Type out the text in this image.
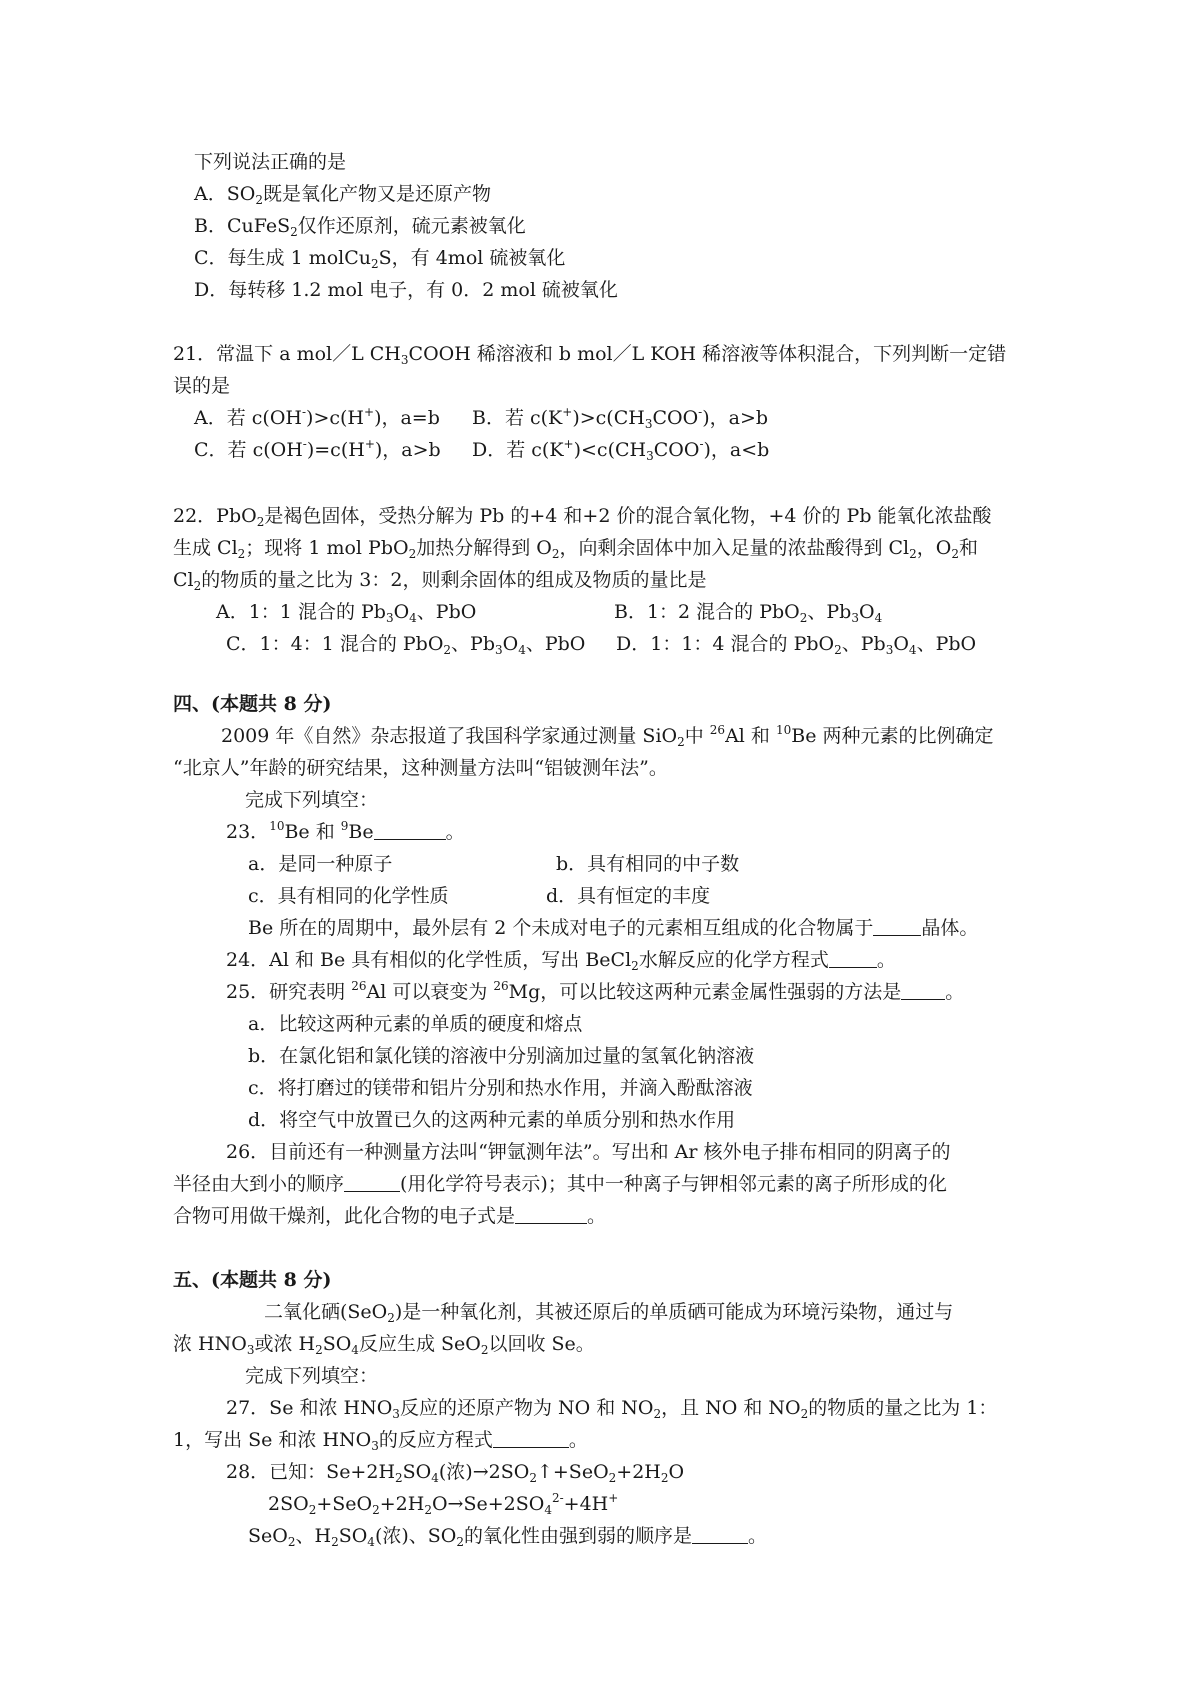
下列说法正确的是
A．$SO_2$既是氧化产物又是还原产物
B．CuFeS$_2$仅作还原剂，硫元素被氧化
C．每生成 1 molCu$_2$S，有 4mol 硫被氧化
D．每转移 1.2 mol 电子，有 0．2 mol 硫被氧化
21．常温下 a mol／L $CH_3COOH$ 稀溶液和 b mol／L KOH 稀溶液等体积混合，下列判断一定错
误的是
A．若 c(OH-)>c(H+)，a=b B．若 $c(K^+)>c(CH_3COO^-)$，a>b
C．若 c(OH-)=c(H+)，a>b D．若 $c(K^+)<c(CH_3COO^-)$，a<b
22．PbO$_2$是褐色固体，受热分解为 Pb 的+4 和+2 价的混合氧化物，+4 价的 Pb 能氧化浓盐酸
生成 $Cl_2$；现将 1 mol PbO$_2$加热分解得到 $O_2$，向剩余固体中加入足量的浓盐酸得到 $Cl_2$，$O_2$和
$Cl_2$的物质的量之比为 3：2，则剩余固体的组成及物质的量比是
A．1：1 混合的 $Pb_3O_4$、PbO	B．1：2 混合的 PbO$_2$、$Pb_3O_4$
C．1：4：1 混合的 PbO$_2$、$Pb_3O_4$、PbO D．1：1：4 混合的 PbO$_2$、$Pb_3O_4$、PbO
四、(本题共 8 分)
2009 年《自然》杂志报道了我国科学家通过测量 SiO$_2$中 $^{26}$Al 和 $^{10}$Be 两种元素的比例确定
“北京人”年龄的研究结果，这种测量方法叫“铝铍测年法”。
完成下列填空：
23．$^{10}$Be 和 $^9$Be	。
a．是同一种原子	b．具有相同的中子数
c．具有相同的化学性质	d．具有恒定的丰度
Be 所在的周期中，最外层有 2 个未成对电子的元素相互组成的化合物属于	晶体。
24．Al 和 Be 具有相似的化学性质，写出 BeCl$_2$水解反应的化学方程式	。
25．研究表明 $^{26}$Al 可以衰变为 $^{26}$Mg，可以比较这两种元素金属性强弱的方法是 。
a．比较这两种元素的单质的硬度和熔点
b．在氯化铝和氯化镁的溶液中分别滴加过量的氢氧化钠溶液
c．将打磨过的镁带和铝片分别和热水作用，并滴入酚酞溶液
d．将空气中放置已久的这两种元素的单质分别和热水作用
26．目前还有一种测量方法叫“钾氩测年法”。写出和 Ar 核外电子排布相同的阴离子的
半径由大到小的顺序	(用化学符号表示)；其中一种离子与钾相邻元素的离子所形成的化
合物可用做干燥剂，此化合物的电子式是	。
五、(本题共 8 分)
二氧化硒(SeO$_2$)是一种氧化剂，其被还原后的单质硒可能成为环境污染物，通过与
浓 $HNO_3$或浓 $H_2SO_4$反应生成 SeO$_2$以回收 Se。
完成下列填空：
27．Se 和浓 $HNO_3$反应的还原产物为 NO 和 $NO_2$，且 NO 和 $NO_2$的物质的量之比为 1：
1，写出 Se 和浓 $HNO_3$的反应方程式	。
28．已知：$Se+2H_2SO_4$(浓)$\to 2SO_2↑+SeO_2+2H_2O$
$2SO_2+SeO_2+2H_2O\to Se+2SO_4^{2-}+4H^+$
SeO$_2$、$H_2SO_4$(浓)、$SO_2$的氧化性由强到弱的顺序是	。
